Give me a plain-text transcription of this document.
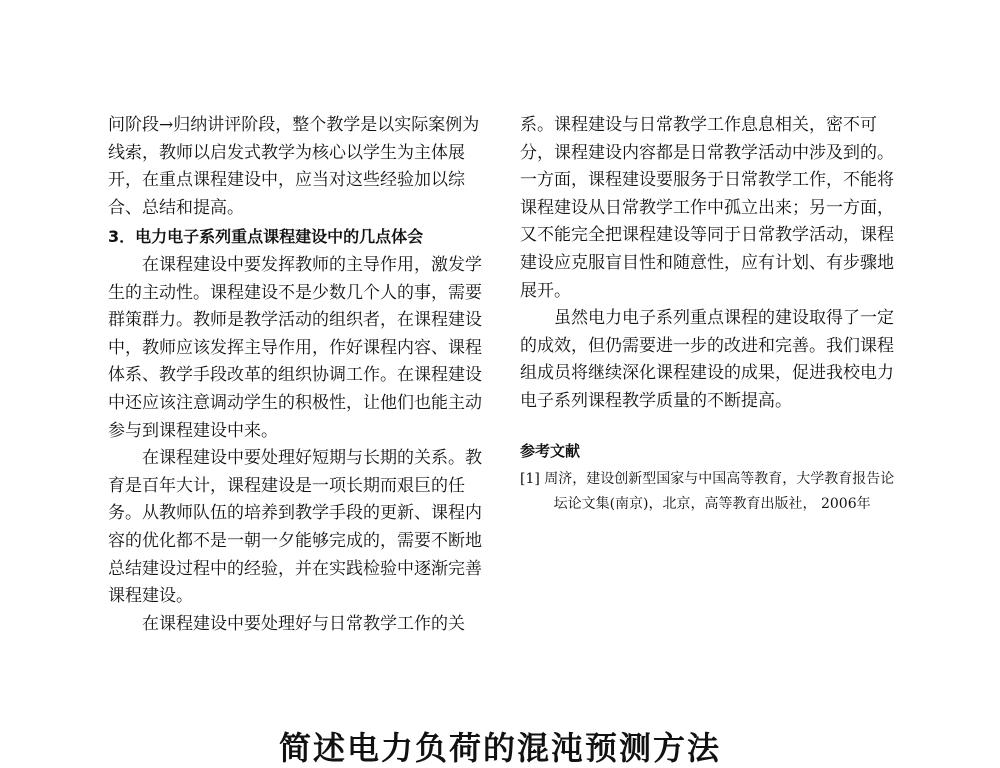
问阶段→归纳讲评阶段，整个教学是以实际案例为线索，教师以启发式教学为核心以学生为主体展开，在重点课程建设中，应当对这些经验加以综合、总结和提高。

3．电力电子系列重点课程建设中的几点体会

在课程建设中要发挥教师的主导作用，激发学生的主动性。课程建设不是少数几个人的事，需要群策群力。教师是教学活动的组织者，在课程建设中，教师应该发挥主导作用，作好课程内容、课程体系、教学手段改革的组织协调工作。在课程建设中还应该注意调动学生的积极性，让他们也能主动参与到课程建设中来。

在课程建设中要处理好短期与长期的关系。教育是百年大计，课程建设是一项长期而艰巨的任务。从教师队伍的培养到教学手段的更新、课程内容的优化都不是一朝一夕能够完成的，需要不断地总结建设过程中的经验，并在实践检验中逐渐完善课程建设。

在课程建设中要处理好与日常教学工作的关

系。课程建设与日常教学工作息息相关，密不可分，课程建设内容都是日常教学活动中涉及到的。一方面，课程建设要服务于日常教学工作，不能将课程建设从日常教学工作中孤立出来；另一方面，又不能完全把课程建设等同于日常教学活动，课程建设应克服盲目性和随意性，应有计划、有步骤地展开。

虽然电力电子系列重点课程的建设取得了一定的成效，但仍需要进一步的改进和完善。我们课程组成员将继续深化课程建设的成果，促进我校电力电子系列课程教学质量的不断提高。

参考文献

[1] 周济，建设创新型国家与中国高等教育，大学教育报告论坛论文集(南京)，北京，高等教育出版社， 2006年

简述电力负荷的混沌预测方法
